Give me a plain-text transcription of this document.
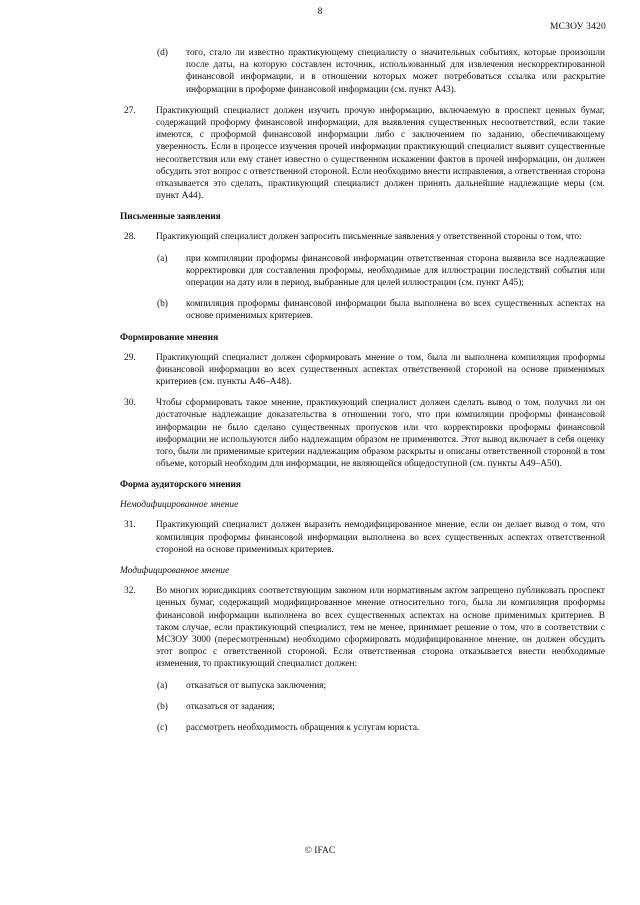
8
МСЗОУ 3420
(d)	того, стало ли известно практикующему специалисту о значительных событиях, которые произошли после даты, на которую составлен источник, использованный для извлечения нескорректированной финансовой информации, и в отношении которых может потребоваться ссылка или раскрытие информации в проформе финансовой информации (см. пункт А43).
27.	Практикующий специалист должен изучить прочую информацию, включаемую в проспект ценных бумаг, содержащий проформу финансовой информации, для выявления существенных несоответствий, если такие имеются, с проформой финансовой информации либо с заключением по заданию, обеспечивающему уверенность. Если в процессе изучения прочей информации практикующий специалист выявит существенные несоответствия или ему станет известно о существенном искажении фактов в прочей информации, он должен обсудить этот вопрос с ответственной стороной. Если необходимо внести исправления, а ответственная сторона отказывается это сделать, практикующий специалист должен принять дальнейшие надлежащие меры (см. пункт А44).
Письменные заявления
28.	Практикующий специалист должен запросить письменные заявления у ответственной стороны о том, что:
(a)	при компиляции проформы финансовой информации ответственная сторона выявила все надлежащие корректировки для составления проформы, необходимые для иллюстрации последствий события или операции на дату или в период, выбранные для целей иллюстрации (см. пункт А45);
(b)	компиляция проформы финансовой информации была выполнена во всех существенных аспектах на основе применимых критериев.
Формирование мнения
29.	Практикующий специалист должен сформировать мнение о том, была ли выполнена компиляция проформы финансовой информации во всех существенных аспектах ответственной стороной на основе применимых критериев (см. пункты А46–А48).
30.	Чтобы сформировать такое мнение, практикующий специалист должен сделать вывод о том, получил ли он достаточные надлежащие доказательства в отношении того, что при компиляции проформы финансовой информации не было сделано существенных пропусков или что корректировки проформы финансовой информации не используются либо надлежащим образом не применяются. Этот вывод включает в себя оценку того, были ли применимые критерии надлежащим образом раскрыты и описаны ответственной стороной в том объеме, который необходим для информации, не являющейся общедоступной (см. пункты А49–А50).
Форма аудиторского мнения
Немодифицированное мнение
31.	Практикующий специалист должен выразить немодифицированное мнение, если он делает вывод о том, что компиляция проформы финансовой информации выполнена во всех существенных аспектах ответственной стороной на основе применимых критериев.
Модифицированное мнение
32.	Во многих юрисдикциях соответствующим законом или нормативным актом запрещено публиковать проспект ценных бумаг, содержащий модифицированное мнение относительно того, была ли компиляция проформы финансовой информации выполнена во всех существенных аспектах на основе применимых критериев. В таком случае, если практикующий специалист, тем не менее, принимает решение о том, что в соответствии с МСЗОУ 3000 (пересмотренным) необходимо сформировать модифицированное мнение, он должен обсудить этот вопрос с ответственной стороной. Если ответственная сторона отказывается внести необходимые изменения, то практикующий специалист должен:
(a)	отказаться от выпуска заключения;
(b)	отказаться от задания;
(c)	рассмотреть необходимость обращения к услугам юриста.
© IFAC
